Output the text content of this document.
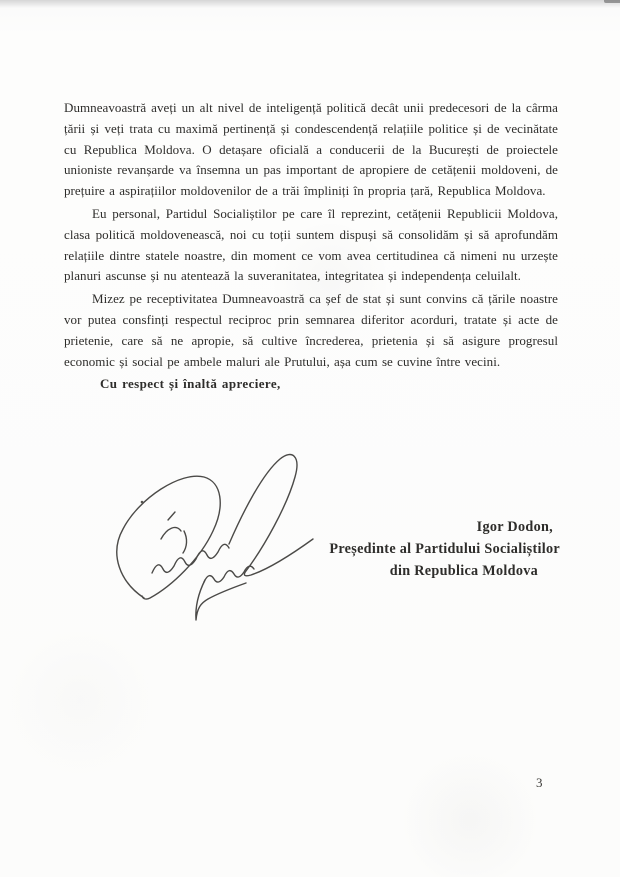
Dumneavoastră aveți un alt nivel de inteligență politică decât unii predecesori de la cârma țării și veți trata cu maximă pertinență și condescendență relațiile politice și de vecinătate cu Republica Moldova. O detașare oficială a conducerii de la București de proiectele unioniste revanșarde va însemna un pas important de apropiere de cetățenii moldoveni, de prețuire a aspirațiilor moldovenilor de a trăi împliniți în propria țară, Republica Moldova.

Eu personal, Partidul Socialiștilor pe care îl reprezint, cetățenii Republicii Moldova, clasa politică moldovenească, noi cu toții suntem dispuși să consolidăm și să aprofundăm relațiile dintre statele noastre, din moment ce vom avea certitudinea că nimeni nu urzește planuri ascunse și nu atentează la suveranitatea, integritatea și independența celuilalt.

Mizez pe receptivitatea Dumneavoastră ca șef de stat și sunt convins că țările noastre vor putea consfinți respectul reciproc prin semnarea diferitor acorduri, tratate și acte de prietenie, care să ne apropie, să cultive încrederea, prietenia și să asigure progresul economic și social pe ambele maluri ale Prutului, așa cum se cuvine între vecini.

Cu respect și înaltă apreciere,

Igor Dodon,
Președinte al Partidului Socialiștilor
din Republica Moldova
3
